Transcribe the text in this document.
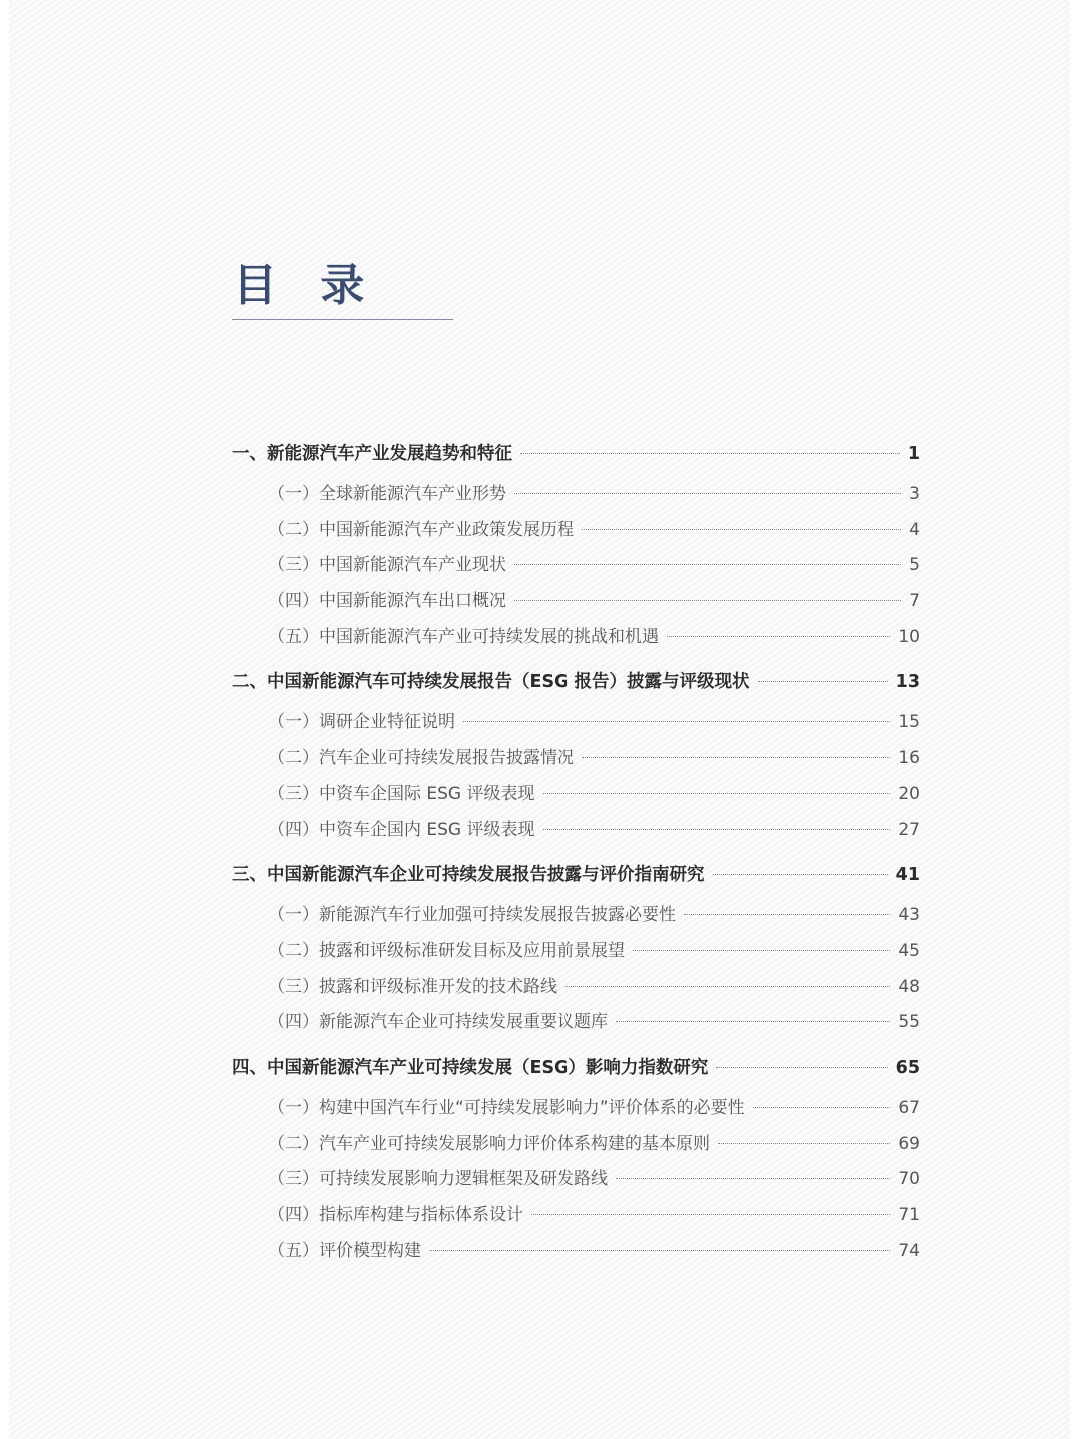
目 录
一、新能源汽车产业发展趋势和特征	1
（一）全球新能源汽车产业形势	3
（二）中国新能源汽车产业政策发展历程	4
（三）中国新能源汽车产业现状	5
（四）中国新能源汽车出口概况	7
（五）中国新能源汽车产业可持续发展的挑战和机遇	10
二、中国新能源汽车可持续发展报告（ESG 报告）披露与评级现状	13
（一）调研企业特征说明	15
（二）汽车企业可持续发展报告披露情况	16
（三）中资车企国际 ESG 评级表现	20
（四）中资车企国内 ESG 评级表现	27
三、中国新能源汽车企业可持续发展报告披露与评价指南研究	41
（一）新能源汽车行业加强可持续发展报告披露必要性	43
（二）披露和评级标准研发目标及应用前景展望	45
（三）披露和评级标准开发的技术路线	48
（四）新能源汽车企业可持续发展重要议题库	55
四、中国新能源汽车产业可持续发展（ESG）影响力指数研究	65
（一）构建中国汽车行业“可持续发展影响力”评价体系的必要性	67
（二）汽车产业可持续发展影响力评价体系构建的基本原则	69
（三）可持续发展影响力逻辑框架及研发路线	70
（四）指标库构建与指标体系设计	71
（五）评价模型构建	74
